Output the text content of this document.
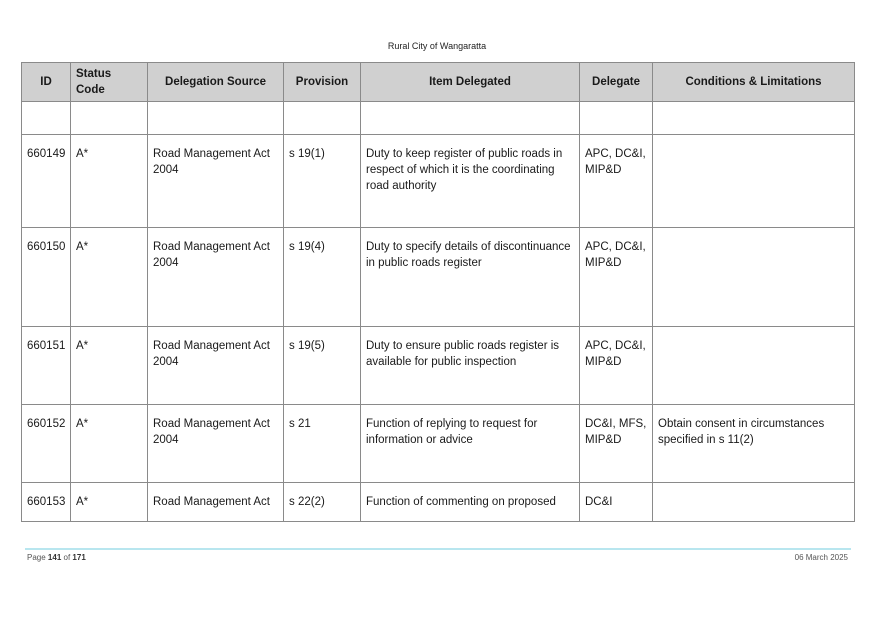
Rural City of Wangaratta
ID	Status Code	Delegation Source	Provision	Item Delegated	Delegate	Conditions & Limitations

660149	A*	Road Management Act 2004	s 19(1)	Duty to keep register of public roads in respect of which it is the coordinating road authority	APC, DC&I, MIP&D	
660150	A*	Road Management Act 2004	s 19(4)	Duty to specify details of discontinuance in public roads register	APC, DC&I, MIP&D	
660151	A*	Road Management Act 2004	s 19(5)	Duty to ensure public roads register is available for public inspection	APC, DC&I, MIP&D	
660152	A*	Road Management Act 2004	s 21	Function of replying to request for information or advice	DC&I, MFS, MIP&D	Obtain consent in circumstances specified in s 11(2)
660153	A*	Road Management Act	s 22(2)	Function of commenting on proposed	DC&I	
Page 141 of 171	06 March 2025
